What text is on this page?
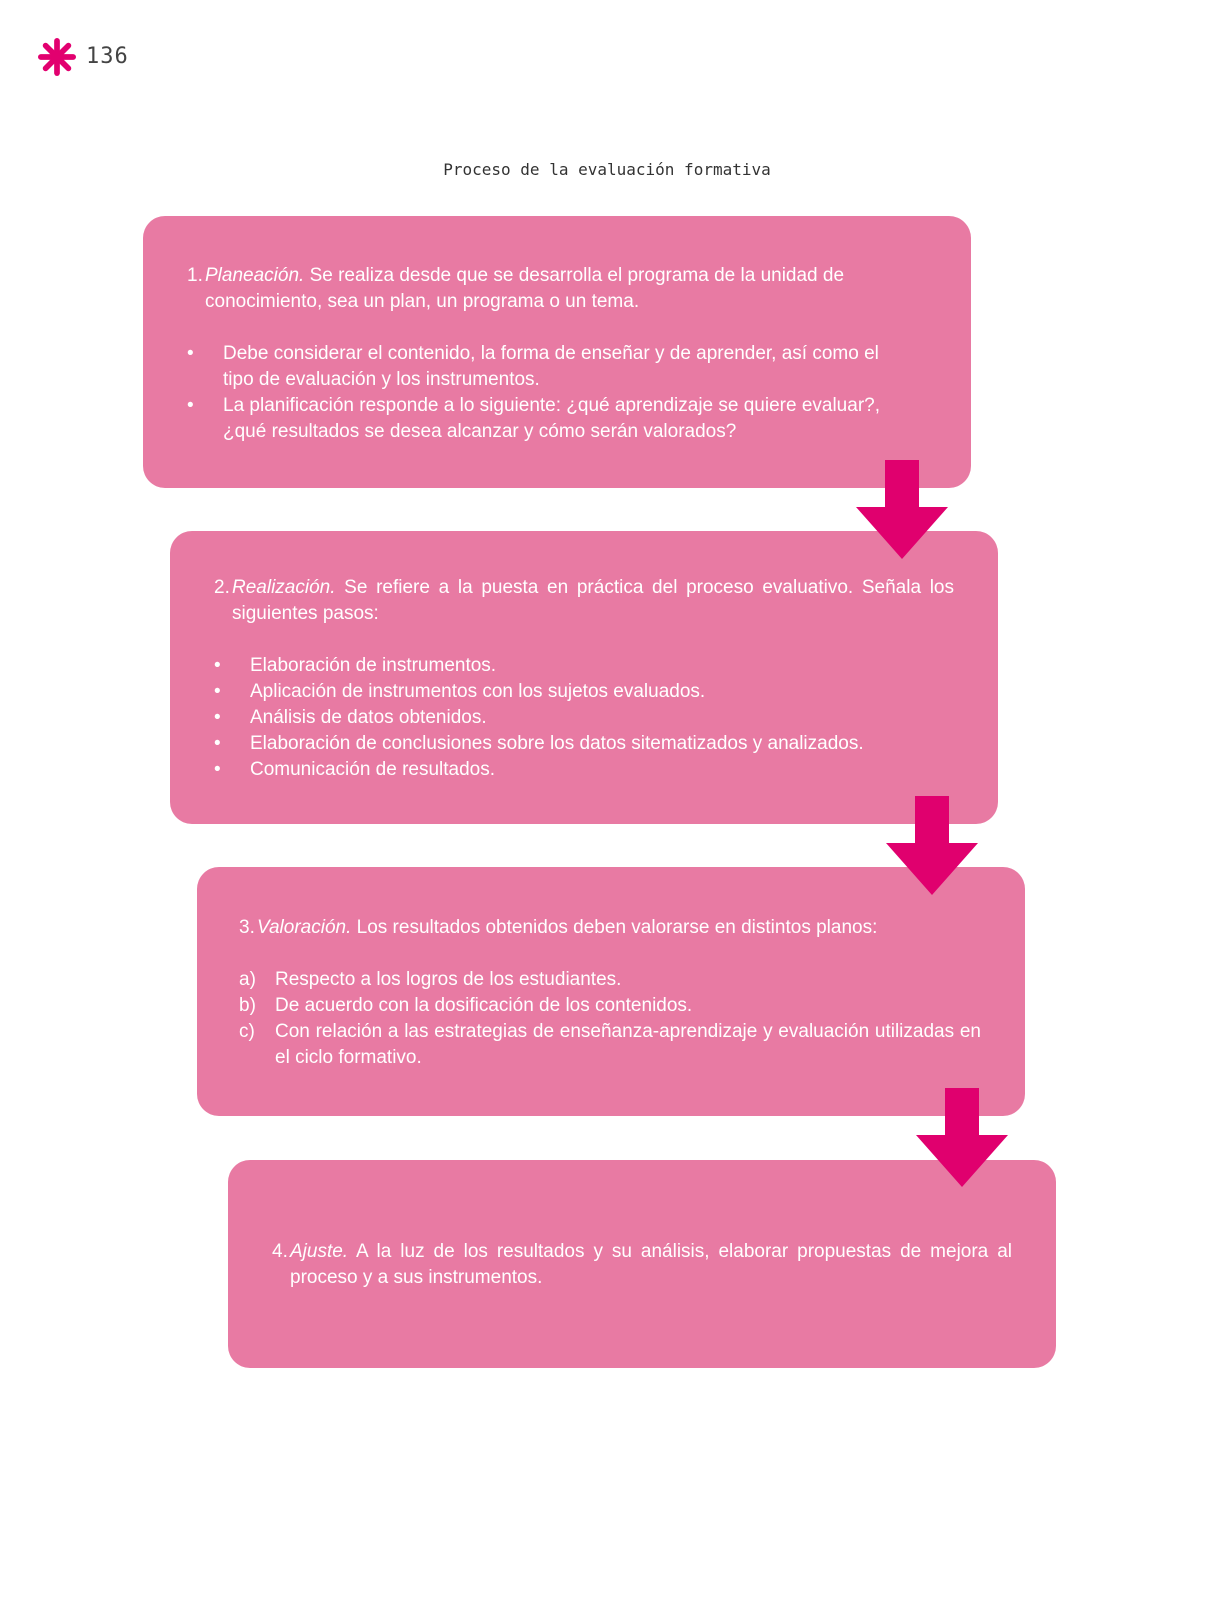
136
Proceso de la evaluación formativa
1. Planeación. Se realiza desde que se desarrolla el programa de la unidad de conocimiento, sea un plan, un programa o un tema.
•	Debe considerar el contenido, la forma de enseñar y de aprender, así como el tipo de evaluación y los instrumentos.
•	La planificación responde a lo siguiente: ¿qué aprendizaje se quiere evaluar?, ¿qué resultados se desea alcanzar y cómo serán valorados?
2. Realización. Se refiere a la puesta en práctica del proceso evaluativo. Señala los siguientes pasos:
•	Elaboración de instrumentos.
•	Aplicación de instrumentos con los sujetos evaluados.
•	Análisis de datos obtenidos.
•	Elaboración de conclusiones sobre los datos sitematizados y analizados.
•	Comunicación de resultados.
3. Valoración. Los resultados obtenidos deben valorarse en distintos planos:
a)	Respecto a los logros de los estudiantes.
b)	De acuerdo con la dosificación de los contenidos.
c)	Con relación a las estrategias de enseñanza-aprendizaje y evaluación utilizadas en el ciclo formativo.
4. Ajuste. A la luz de los resultados y su análisis, elaborar propuestas de mejora al proceso y a sus instrumentos.
